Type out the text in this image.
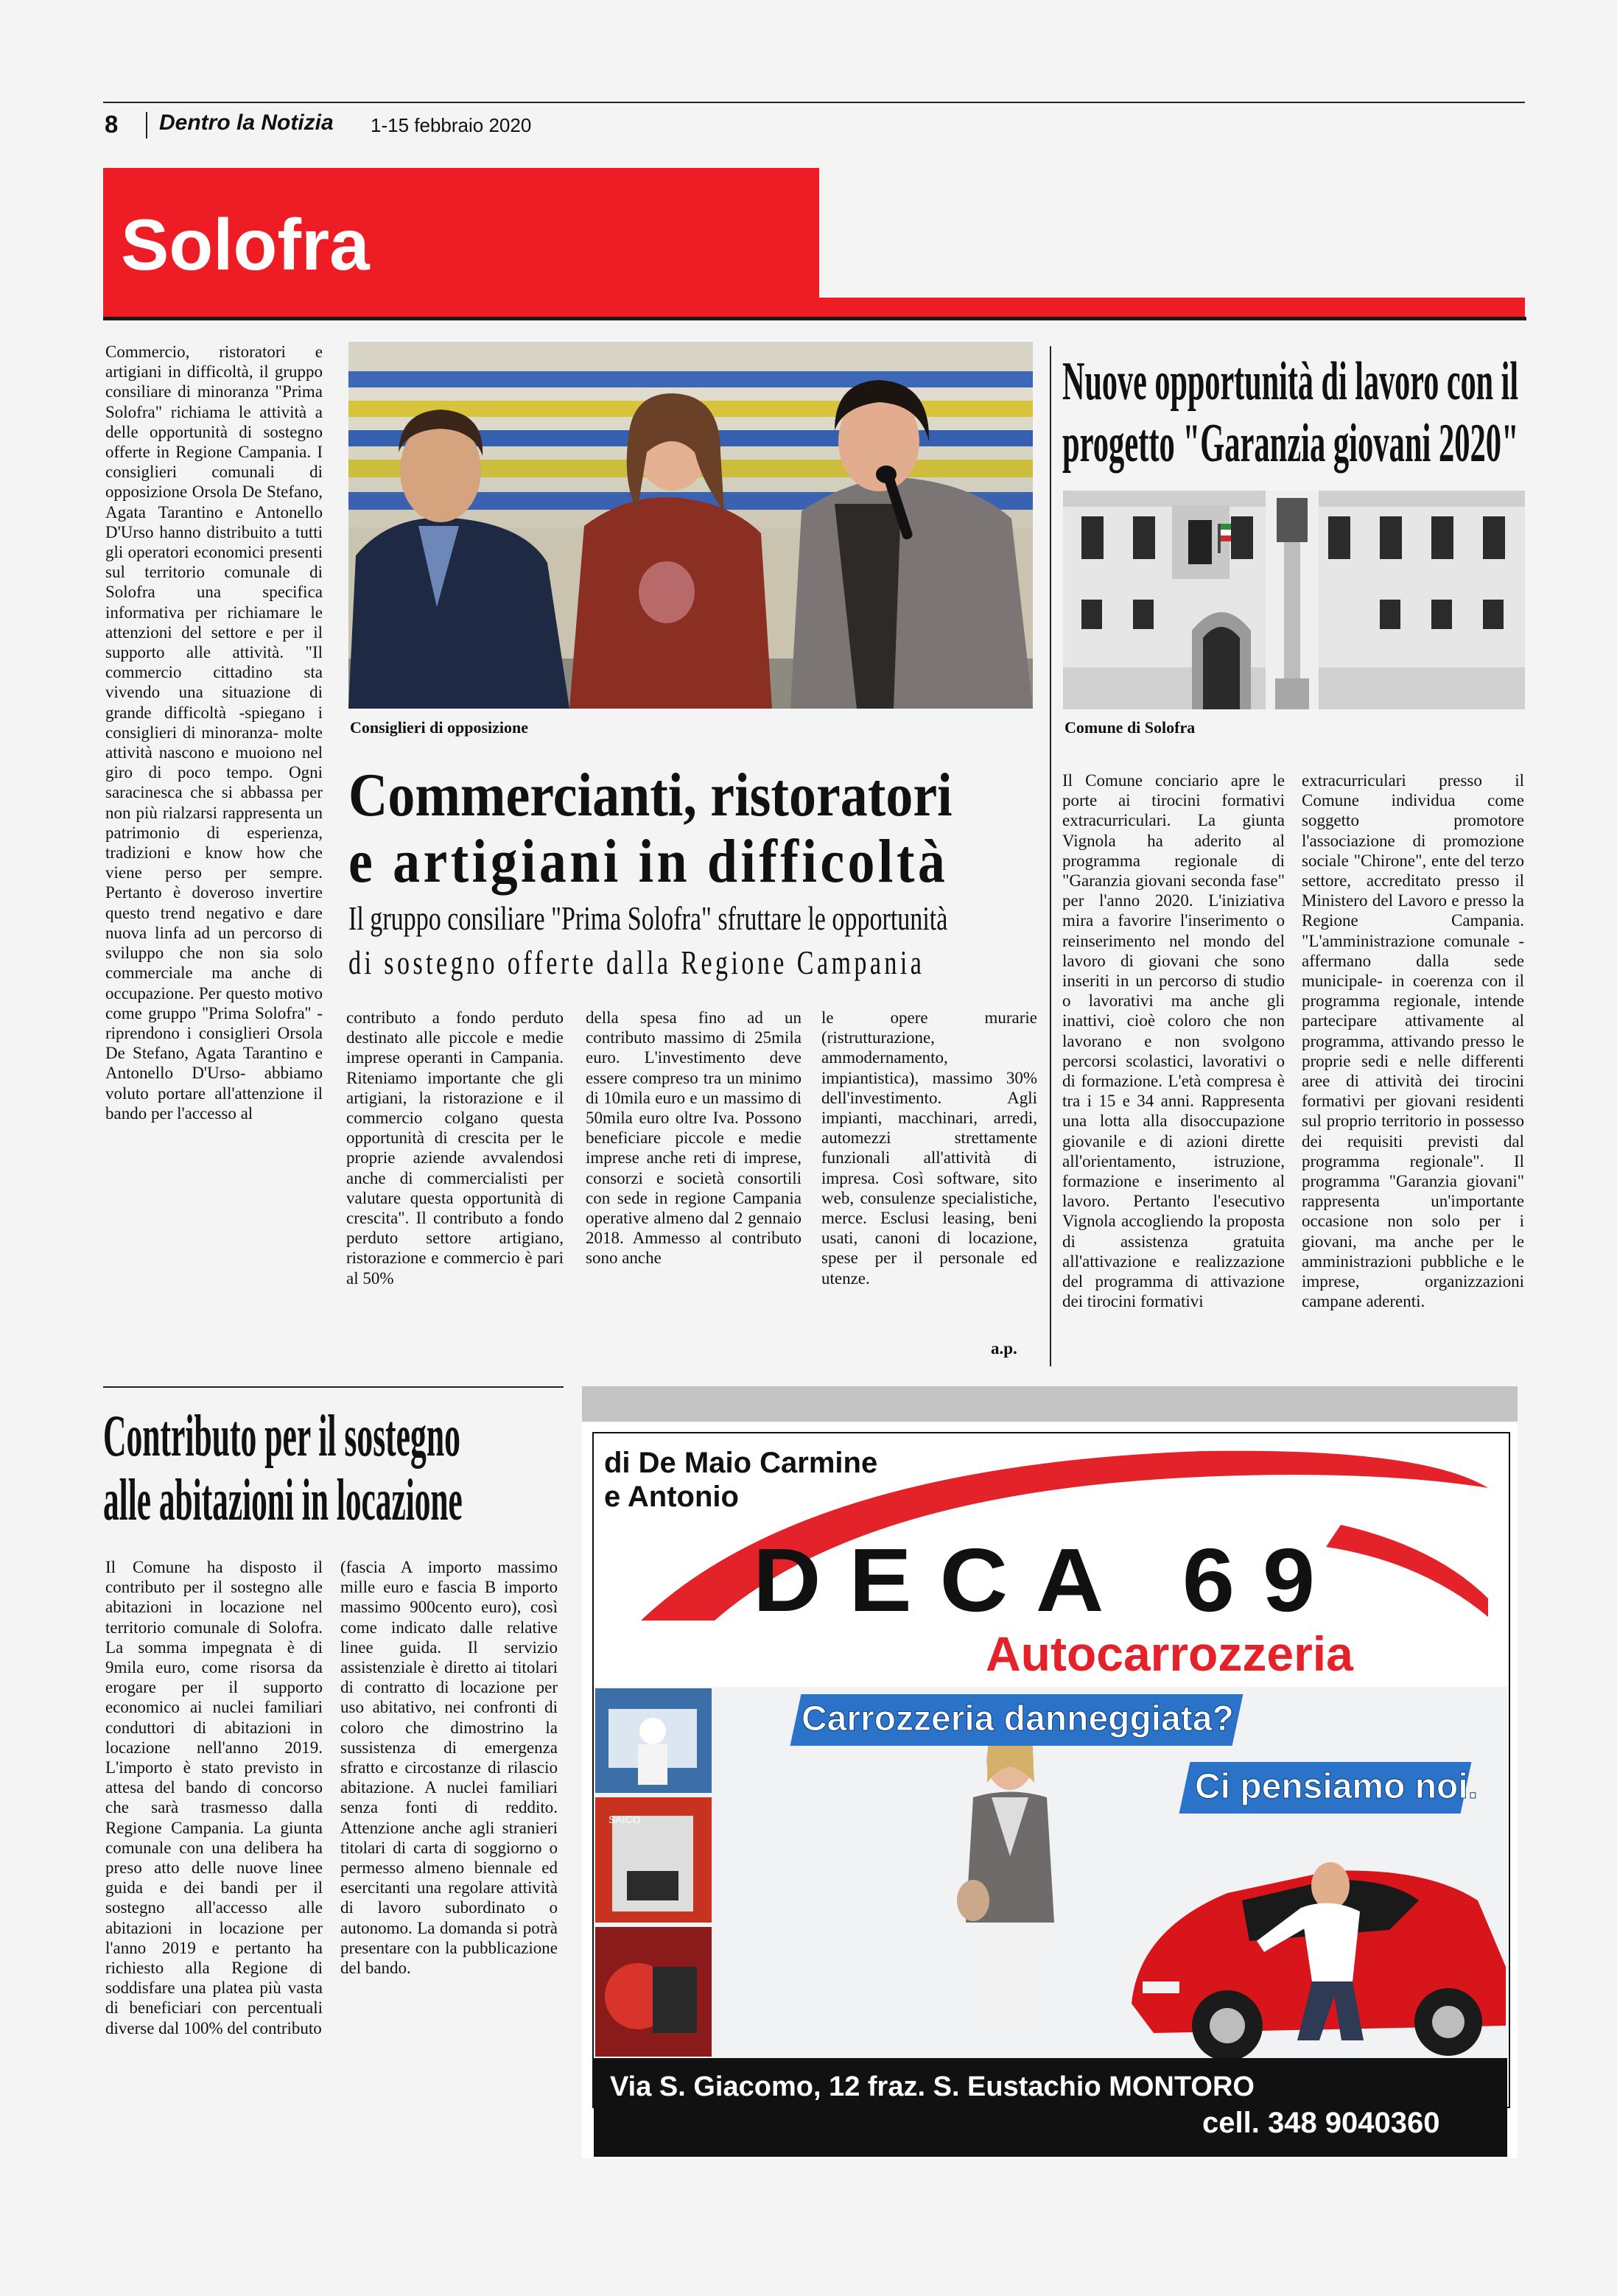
8 Dentro la Notizia 1-15 febbraio 2020
Solofra
Commercio, ristoratori e artigiani in difficoltà, il gruppo consiliare di minoranza "Prima Solofra" richiama le attività a delle opportunità di sostegno offerte in Regione Campania. I consiglieri comunali di opposizione Orsola De Stefano, Agata Tarantino e Antonello D'Urso hanno distribuito a tutti gli operatori economici presenti sul territorio comunale di Solofra una specifica informativa per richiamare le attenzioni del settore e per il supporto alle attività. "Il commercio cittadino sta vivendo una situazione di grande difficoltà -spiegano i consiglieri di minoranza- molte attività nascono e muoiono nel giro di poco tempo. Ogni saracinesca che si abbassa per non più rialzarsi rappresenta un patrimonio di esperienza, tradizioni e know how che viene perso per sempre. Pertanto è doveroso invertire questo trend negativo e dare nuova linfa ad un percorso di sviluppo che non sia solo commerciale ma anche di occupazione. Per questo motivo come gruppo ''Prima Solofra'' - riprendono i consiglieri Orsola De Stefano, Agata Tarantino e Antonello D'Urso- abbiamo voluto portare all'attenzione il bando per l'accesso al
Consiglieri di opposizione
Commercianti, ristoratori
e artigiani in difficoltà
Il gruppo consiliare "Prima Solofra" sfruttare le opportunità
di sostegno offerte dalla Regione Campania
contributo a fondo perduto destinato alle piccole e medie imprese operanti in Campania. Riteniamo importante che gli artigiani, la ristorazione e il commercio colgano questa opportunità di crescita per le proprie aziende avvalendosi anche di commercialisti per valutare questa opportunità di crescita". Il contributo a fondo perduto settore artigiano, ristorazione e commercio è pari al 50%
della spesa fino ad un contributo massimo di 25mila euro. L'investimento deve essere compreso tra un minimo di 10mila euro e un massimo di 50mila euro oltre Iva. Possono beneficiare piccole e medie imprese anche reti di imprese, consorzi e società consortili con sede in regione Campania operative almeno dal 2 gennaio 2018. Ammesso al contributo sono anche
le opere murarie (ristrutturazione, ammodernamento, impiantistica), massimo 30% dell'investimento. Agli impianti, macchinari, arredi, automezzi strettamente funzionali all'attività di impresa. Così software, sito web, consulenze specialistiche, merce. Esclusi leasing, beni usati, canoni di locazione, spese per il personale ed utenze.
a.p.
Nuove opportunità di lavoro con il
progetto "Garanzia giovani 2020"
Comune di Solofra
Il Comune conciario apre le porte ai tirocini formativi extracurriculari. La giunta Vignola ha aderito al programma regionale di "Garanzia giovani seconda fase" per l'anno 2020. L'iniziativa mira a favorire l'inserimento o reinserimento nel mondo del lavoro di giovani che sono inseriti in un percorso di studio o lavorativi ma anche gli inattivi, cioè coloro che non lavorano e non svolgono percorsi scolastici, lavorativi o di formazione. L'età compresa è tra i 15 e 34 anni. Rappresenta una lotta alla disoccupazione giovanile e di azioni dirette all'orientamento, istruzione, formazione e inserimento al lavoro. Pertanto l'esecutivo Vignola accogliendo la proposta di assistenza gratuita all'attivazione e realizzazione del programma di attivazione dei tirocini formativi
extracurriculari presso il Comune individua come soggetto promotore l'associazione di promozione sociale "Chirone", ente del terzo settore, accreditato presso il Ministero del Lavoro e presso la Regione Campania. "L'amministrazione comunale -affermano dalla sede municipale- in coerenza con il programma regionale, intende partecipare attivamente al programma, attivando presso le proprie sedi e nelle differenti aree di attività dei tirocini formativi per giovani residenti sul proprio territorio in possesso dei requisiti previsti dal programma regionale". Il programma "Garanzia giovani" rappresenta un'importante occasione non solo per i giovani, ma anche per le amministrazioni pubbliche e le imprese, organizzazioni campane aderenti.
Contributo per il sostegno
alle abitazioni in locazione
Il Comune ha disposto il contributo per il sostegno alle abitazioni in locazione nel territorio comunale di Solofra. La somma impegnata è di 9mila euro, come risorsa da erogare per il supporto economico ai nuclei familiari conduttori di abitazioni in locazione nell'anno 2019. L'importo è stato previsto in attesa del bando di concorso che sarà trasmesso dalla Regione Campania. La giunta comunale con una delibera ha preso atto delle nuove linee guida e dei bandi per il sostegno all'accesso alle abitazioni in locazione per l'anno 2019 e pertanto ha richiesto alla Regione di soddisfare una platea più vasta di beneficiari con percentuali diverse dal 100% del contributo
(fascia A importo massimo mille euro e fascia B importo massimo 900cento euro), così come indicato dalle relative linee guida. Il servizio assistenziale è diretto ai titolari di contratto di locazione per uso abitativo, nei confronti di coloro che dimostrino la sussistenza di emergenza sfratto e circostanze di rilascio abitazione. A nuclei familiari senza fonti di reddito. Attenzione anche agli stranieri titolari di carta di soggiorno o permesso almeno biennale ed esercitanti una regolare attività di lavoro subordinato o autonomo. La domanda si potrà presentare con la pubblicazione del bando.
di De Maio Carmine
e Antonio
DECA 69
Autocarrozzeria
SAICO
Carrozzeria danneggiata?
Ci pensiamo noi.
Via S. Giacomo, 12 fraz. S. Eustachio MONTORO
cell. 348 9040360
